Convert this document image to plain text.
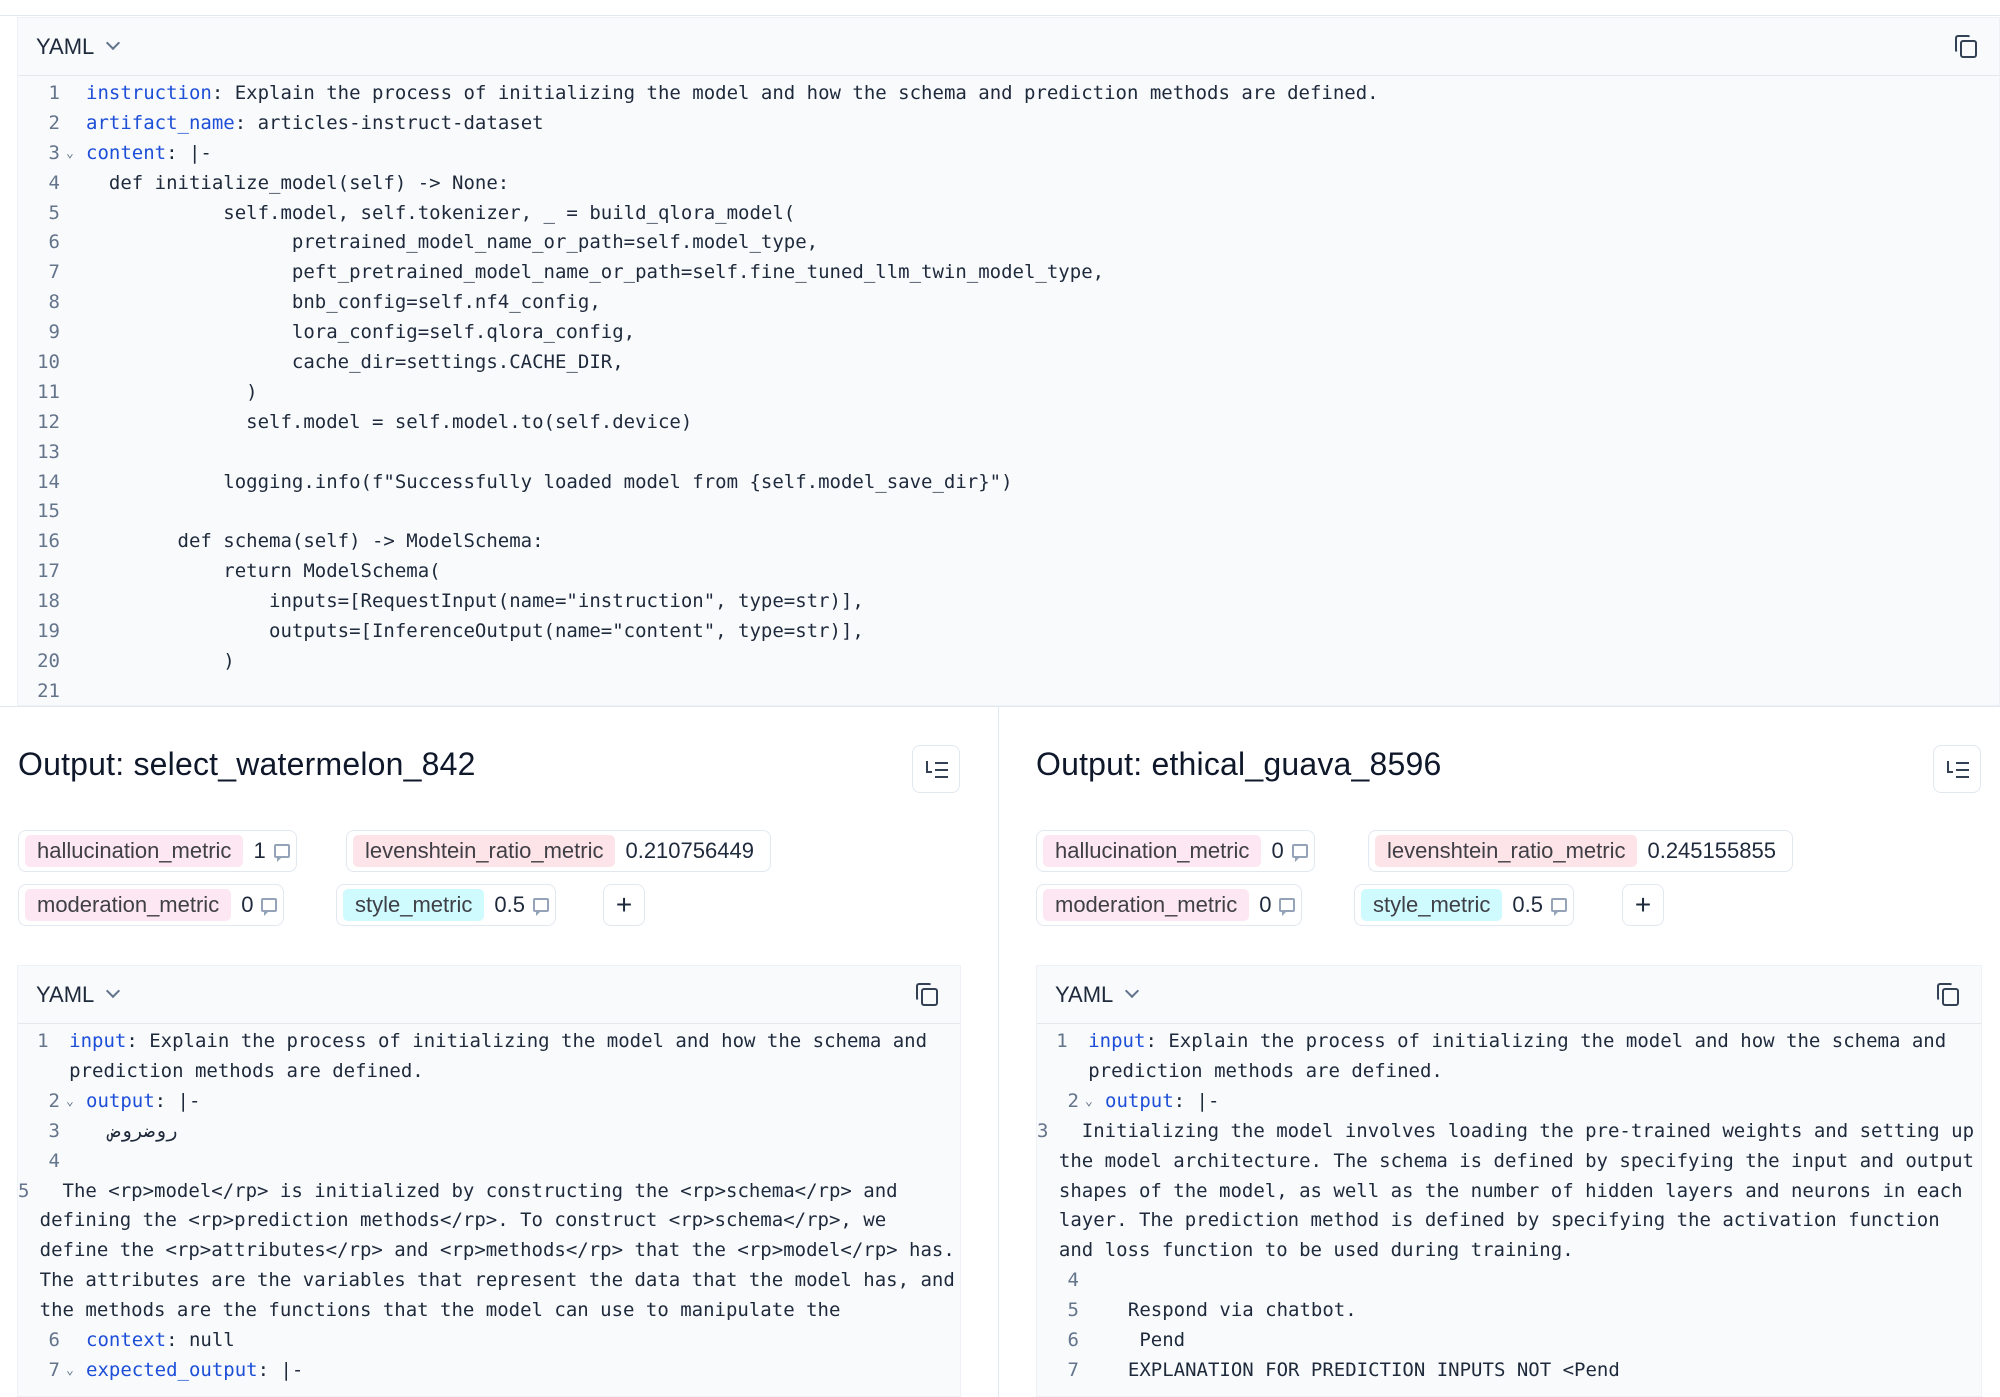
YAML
1	instruction: Explain the process of initializing the model and how the schema and prediction methods are defined.
2	artifact_name: articles-instruct-dataset
3 ⌄ content: |-
4	def initialize_model(self) -> None:
5	self.model, self.tokenizer, _ = build_qlora_model(
6	pretrained_model_name_or_path=self.model_type,
7	peft_pretrained_model_name_or_path=self.fine_tuned_llm_twin_model_type,
8	bnb_config=self.nf4_config,
9	lora_config=self.qlora_config,
10	cache_dir=settings.CACHE_DIR,
11	)
12	self.model = self.model.to(self.device)
13
14	logging.info(f"Successfully loaded model from {self.model_save_dir}")
15
16	def schema(self) -> ModelSchema:
17	return ModelSchema(
18	inputs=[RequestInput(name="instruction", type=str)],
19	outputs=[InferenceOutput(name="content", type=str)],
20	)
21
Output: select_watermelon_842
hallucination_metric	1	levenshtein_ratio_metric	0.210756449
moderation_metric	0	style_metric	0.5	+
YAML
1	input: Explain the process of initializing the model and how the schema and prediction methods are defined.
2 ⌄ output: |-
3	روضروض
4
5 The <rp>model</rp> is initialized by constructing the <rp>schema</rp> and defining the <rp>prediction methods</rp>. To construct <rp>schema</rp>, we define the <rp>attributes</rp> and <rp>methods</rp> that the <rp>model</rp> has. The attributes are the variables that represent the data that the model has, and the methods are the functions that the model can use to manipulate the
6	context: null
7 ⌄ expected_output: |-
Output: ethical_guava_8596
hallucination_metric	0	levenshtein_ratio_metric	0.245155855
moderation_metric	0	style_metric	0.5	+
YAML
1	input: Explain the process of initializing the model and how the schema and prediction methods are defined.
2 ⌄ output: |-
3 Initializing the model involves loading the pre-trained weights and setting up the model architecture. The schema is defined by specifying the input and output shapes of the model, as well as the number of hidden layers and neurons in each layer. The prediction method is defined by specifying the activation function and loss function to be used during training.
4
5	Respond via chatbot.
6	Pend
7	EXPLANATION FOR PREDICTION INPUTS NOT <Pend
